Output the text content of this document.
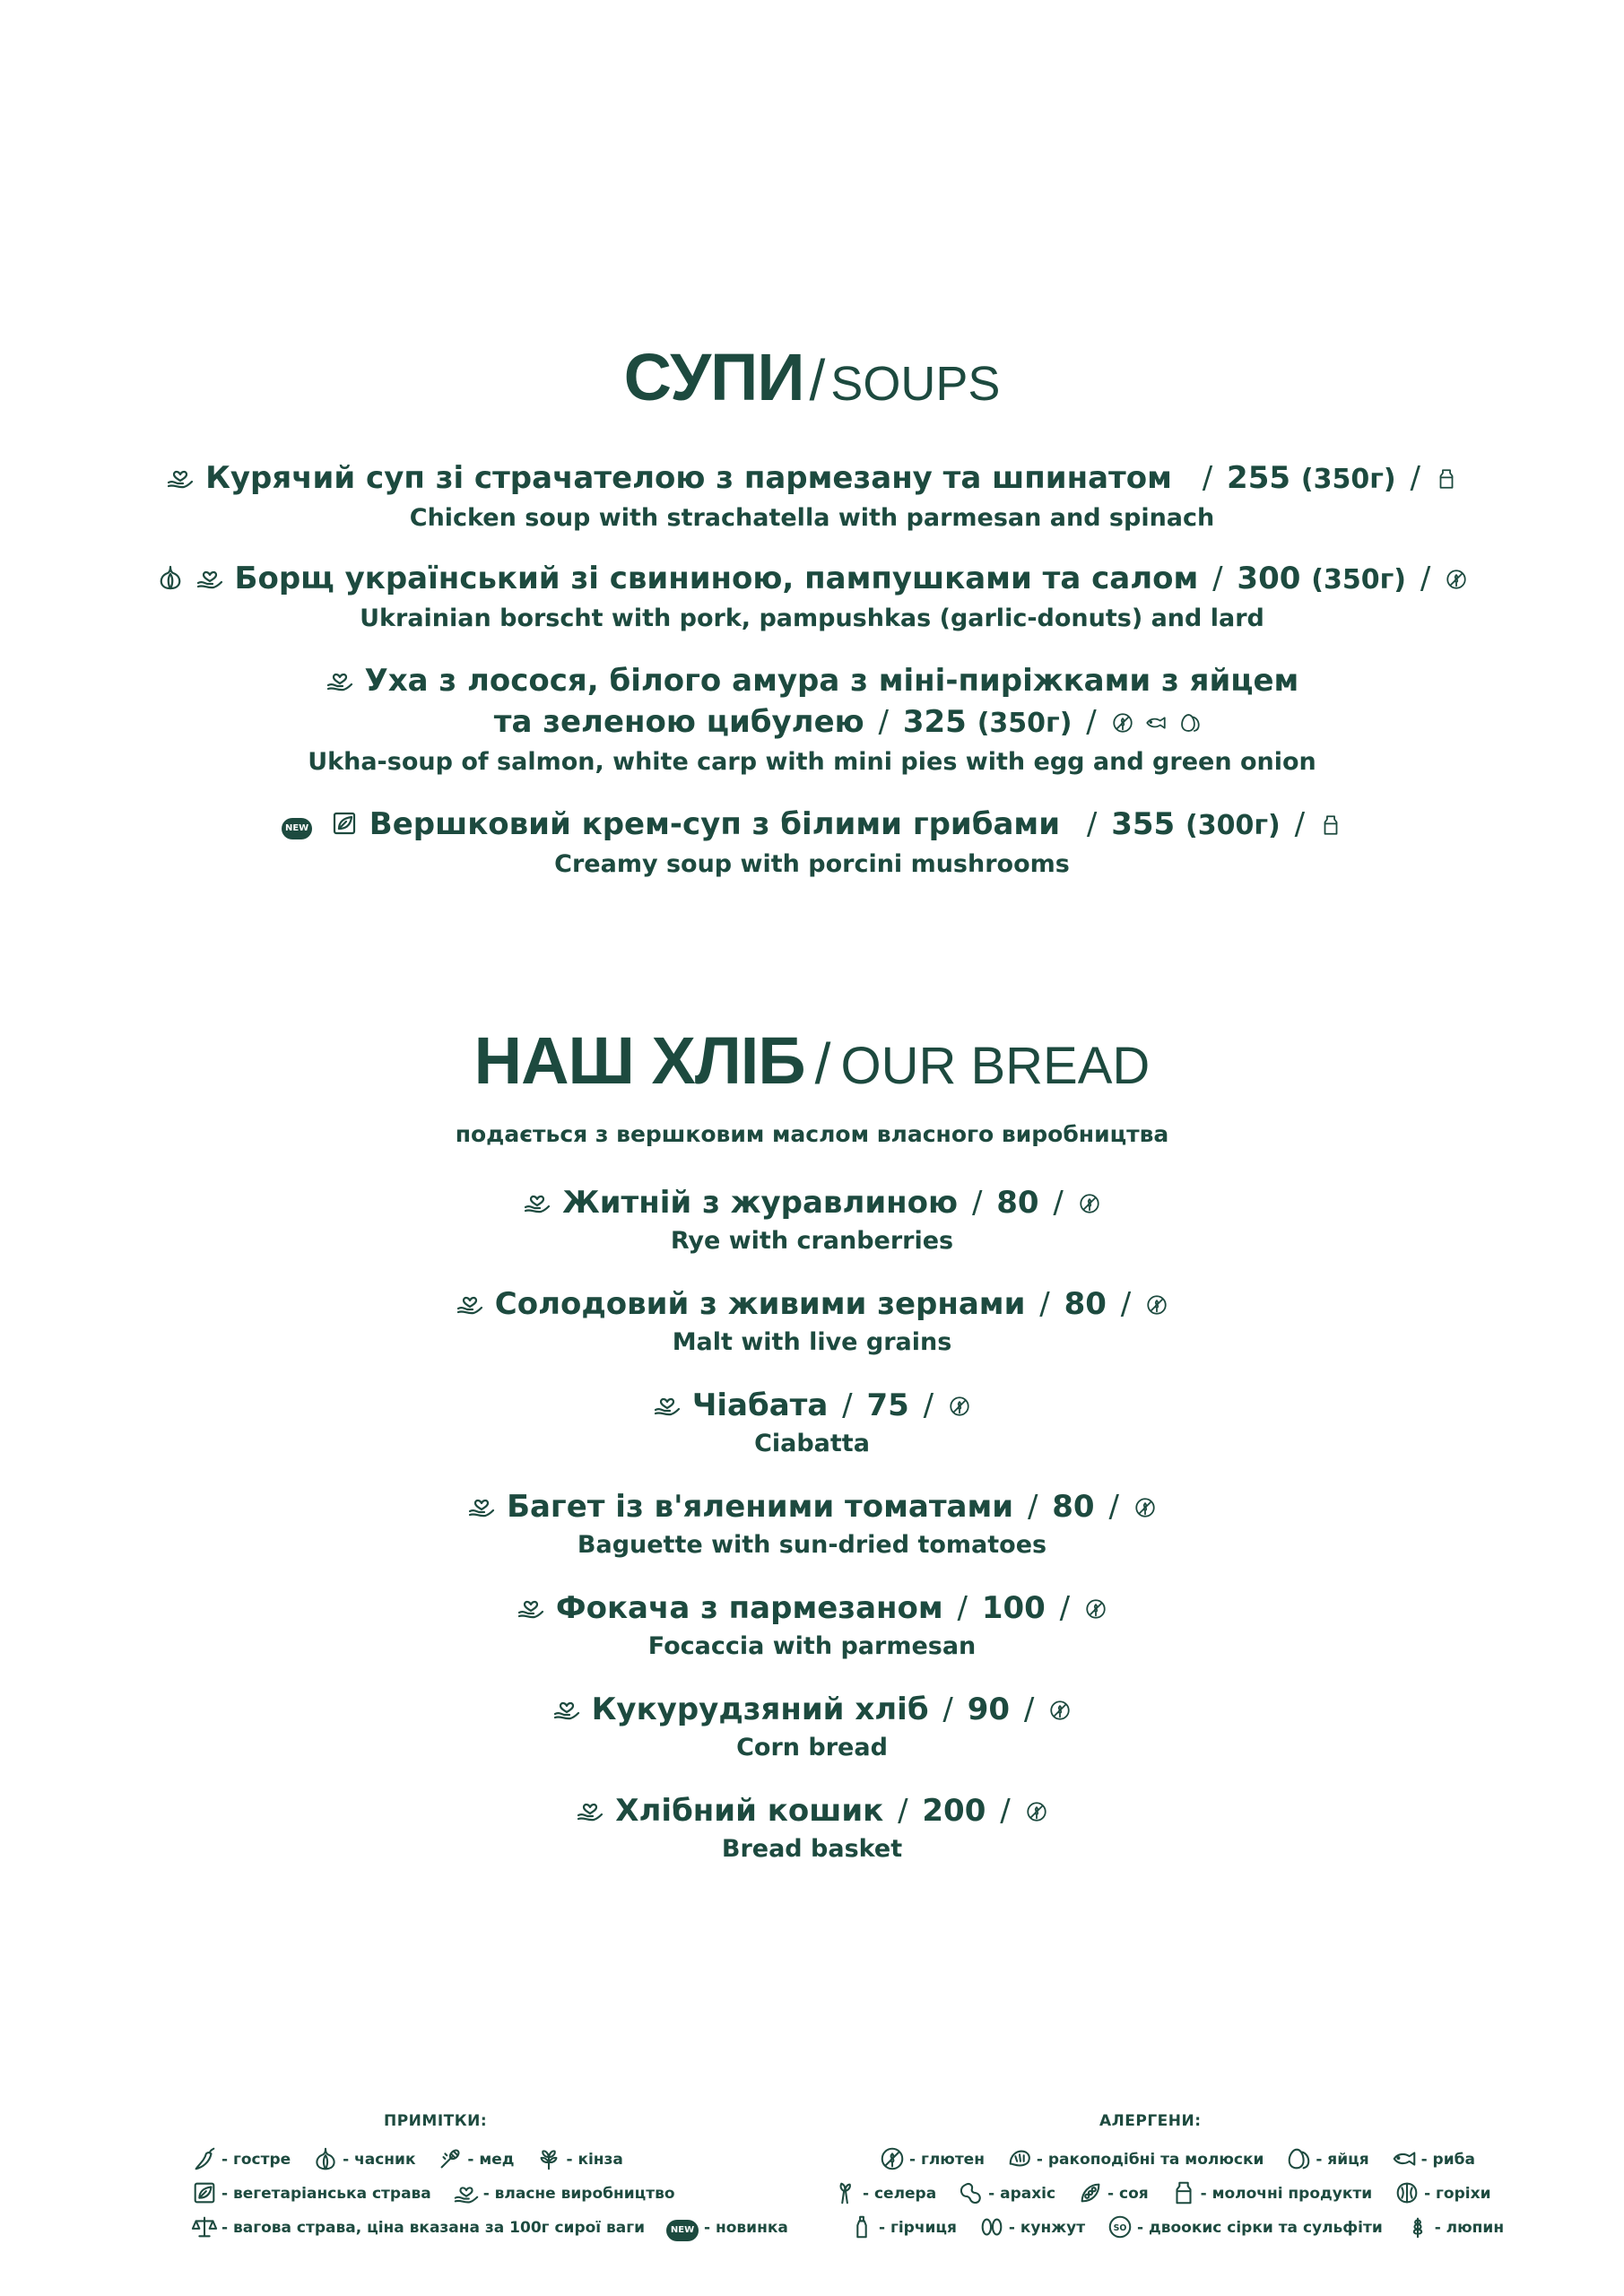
СУПИ/ SOUPS
Курячий суп зі страчателою з пармезану та шпинатом / 255 (350г) /
Chicken soup with strachatella with parmesan and spinach
Борщ український зі свининою, пампушками та салом / 300 (350г) /
Ukrainian borscht with pork, pampushkas (garlic-donuts) and lard
Уха з лосося, білого амура з міні-пиріжками з яйцем
та зеленою цибулею / 325 (350г) /
Ukha-soup of salmon, white carp with mini pies with egg and green onion
NEW Вершковий крем-суп з білими грибами / 355 (300г) /
Creamy soup with porcini mushrooms
НАШ ХЛІБ / OUR BREAD
подається з вершковим маслом власного виробництва
Житній з журавлиною / 80 /
Rye with cranberries
Солодовий з живими зернами / 80 /
Malt with live grains
Чіабата / 75 /
Ciabatta
Багет із в'яленими томатами / 80 /
Baguette with sun-dried tomatoes
Фокача з пармезаном / 100 /
Focaccia with parmesan
Кукурудзяний хліб / 90 /
Corn bread
Хлібний кошик / 200 /
Bread basket
ПРИМІТКИ:
- гостре	- часник	- мед	- кінза
- вегетаріанська страва	- власне виробництво
- вагова страва, ціна вказана за 100г сирої ваги	NEW - новинка
АЛЕРГЕНИ:
- глютен	- ракоподібні та молюски	- яйця	- риба
- селера	- арахіс	- соя	- молочні продукти	- горіхи
- гірчиця	- кунжут	SO - двоокис сірки та сульфіти	- люпин
